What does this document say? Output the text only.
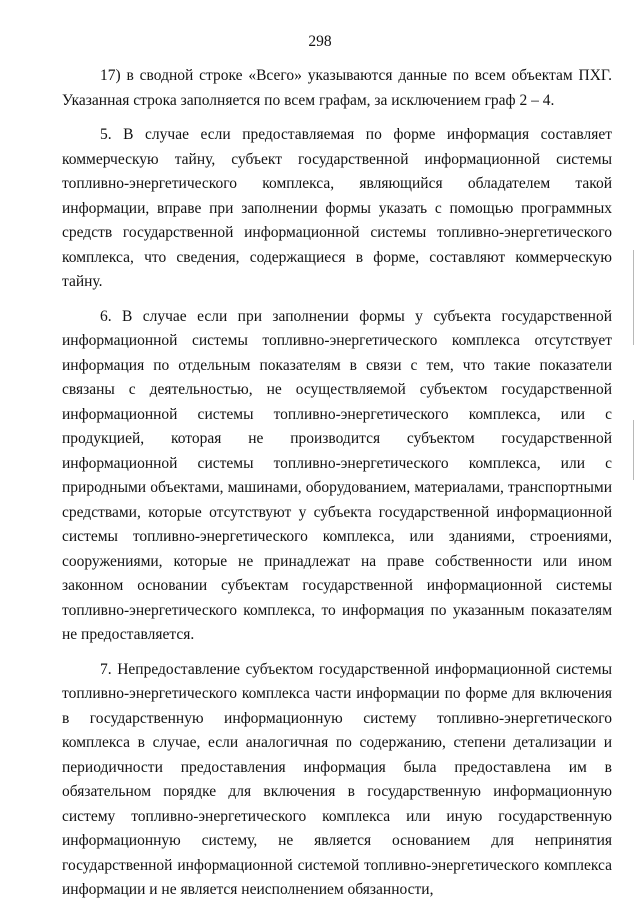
298

17) в сводной строке «Всего» указываются данные по всем объектам ПХГ. Указанная строка заполняется по всем графам, за исключением граф 2 – 4.

5. В случае если предоставляемая по форме информация составляет коммерческую тайну, субъект государственной информационной системы топливно-энергетического комплекса, являющийся обладателем такой информации, вправе при заполнении формы указать с помощью программных средств государственной информационной системы топливно-энергетического комплекса, что сведения, содержащиеся в форме, составляют коммерческую тайну.

6. В случае если при заполнении формы у субъекта государственной информационной системы топливно-энергетического комплекса отсутствует информация по отдельным показателям в связи с тем, что такие показатели связаны с деятельностью, не осуществляемой субъектом государственной информационной системы топливно-энергетического комплекса, или с продукцией, которая не производится субъектом государственной информационной системы топливно-энергетического комплекса, или с природными объектами, машинами, оборудованием, материалами, транспортными средствами, которые отсутствуют у субъекта государственной информационной системы топливно-энергетического комплекса, или зданиями, строениями, сооружениями, которые не принадлежат на праве собственности или ином законном основании субъектам государственной информационной системы топливно-энергетического комплекса, то информация по указанным показателям не предоставляется.

7. Непредоставление субъектом государственной информационной системы топливно-энергетического комплекса части информации по форме для включения в государственную информационную систему топливно-энергетического комплекса в случае, если аналогичная по содержанию, степени детализации и периодичности предоставления информация была предоставлена им в обязательном порядке для включения в государственную информационную систему топливно-энергетического комплекса или иную государственную информационную систему, не является основанием для непринятия государственной информационной системой топливно-энергетического комплекса информации и не является неисполнением обязанности,
